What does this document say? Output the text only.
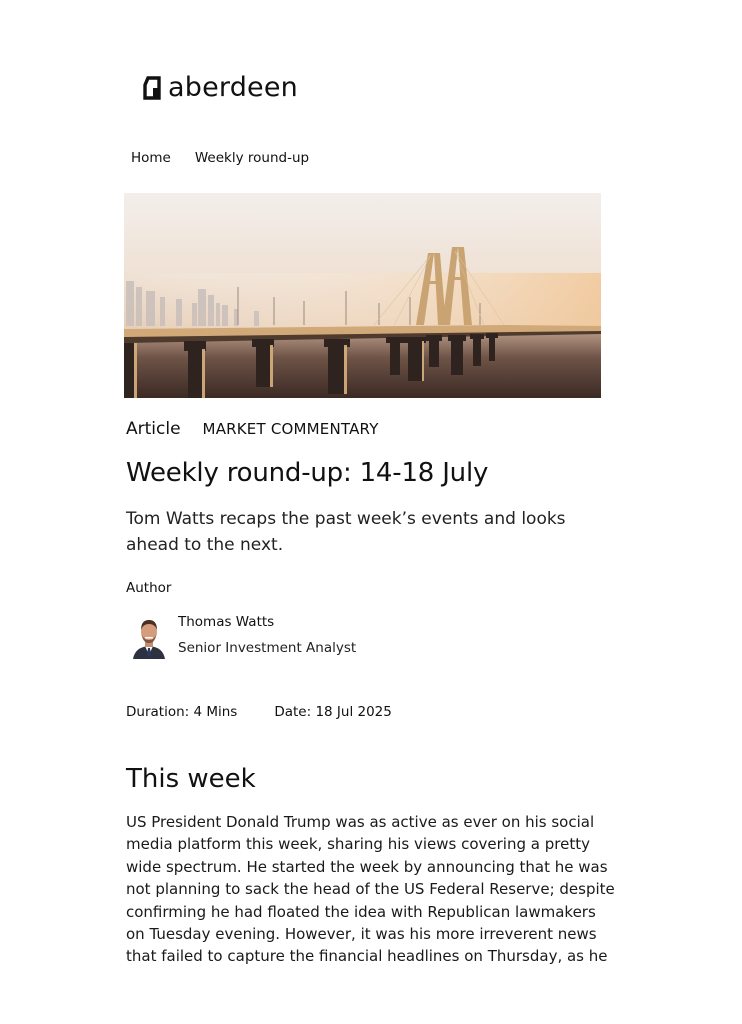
aberdeen
Home Weekly round-up
Article MARKET COMMENTARY
Weekly round-up: 14-18 July
Tom Watts recaps the past week’s events and looks ahead to the next.
Author
Thomas Watts
Senior Investment Analyst
Duration: 4 Mins	Date: 18 Jul 2025
This week

US President Donald Trump was as active as ever on his social media platform this week, sharing his views covering a pretty wide spectrum. He started the week by announcing that he was not planning to sack the head of the US Federal Reserve; despite confirming he had floated the idea with Republican lawmakers on Tuesday evening. However, it was his more irreverent news that failed to capture the financial headlines on Thursday, as he
